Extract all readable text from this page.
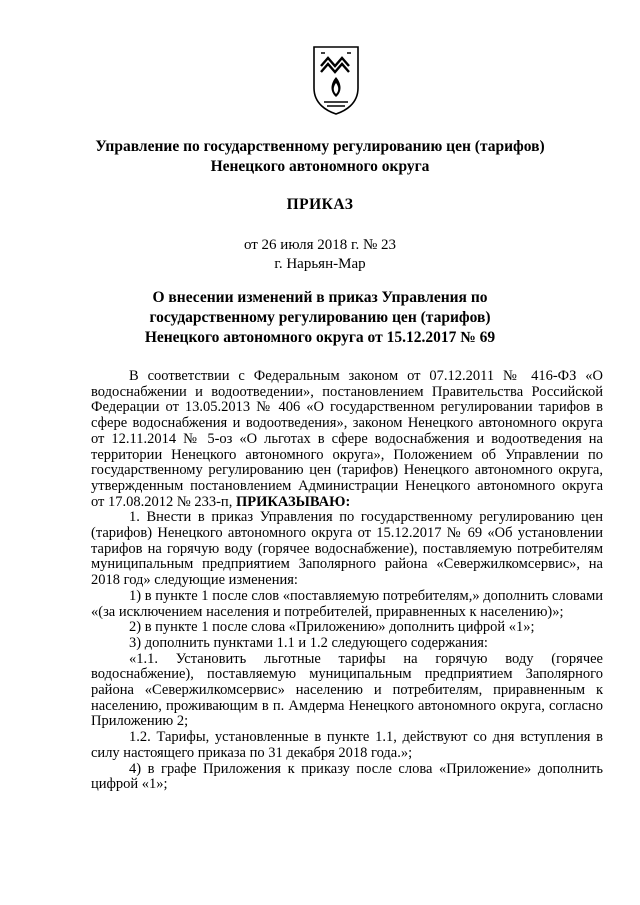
Управление по государственному регулированию цен (тарифов)
Ненецкого автономного округа
ПРИКАЗ
от 26 июля 2018 г. № 23
г. Нарьян-Мар
О внесении изменений в приказ Управления по
государственному регулированию цен (тарифов)
Ненецкого автономного округа от 15.12.2017 № 69

В соответствии с Федеральным законом от 07.12.2011 № 416-ФЗ «О водоснабжении и водоотведении», постановлением Правительства Российской Федерации от 13.05.2013 № 406 «О государственном регулировании тарифов в сфере водоснабжения и водоотведения», законом Ненецкого автономного округа от 12.11.2014 № 5-оз «О льготах в сфере водоснабжения и водоотведения на территории Ненецкого автономного округа», Положением об Управлении по государственному регулированию цен (тарифов) Ненецкого автономного округа, утвержденным постановлением Администрации Ненецкого автономного округа от 17.08.2012 № 233-п, ПРИКАЗЫВАЮ:

1. Внести в приказ Управления по государственному регулированию цен (тарифов) Ненецкого автономного округа от 15.12.2017 № 69 «Об установлении тарифов на горячую воду (горячее водоснабжение), поставляемую потребителям муниципальным предприятием Заполярного района «Севержилкомсервис», на 2018 год» следующие изменения:

1) в пункте 1 после слов «поставляемую потребителям,» дополнить словами «(за исключением населения и потребителей, приравненных к населению)»;

2) в пункте 1 после слова «Приложению» дополнить цифрой «1»;

3) дополнить пунктами 1.1 и 1.2 следующего содержания:

«1.1. Установить льготные тарифы на горячую воду (горячее водоснабжение), поставляемую муниципальным предприятием Заполярного района «Севержилкомсервис» населению и потребителям, приравненным к населению, проживающим в п. Амдерма Ненецкого автономного округа, согласно Приложению 2;

1.2. Тарифы, установленные в пункте 1.1, действуют со дня вступления в силу настоящего приказа по 31 декабря 2018 года.»;

4) в графе Приложения к приказу после слова «Приложение» дополнить цифрой «1»;
